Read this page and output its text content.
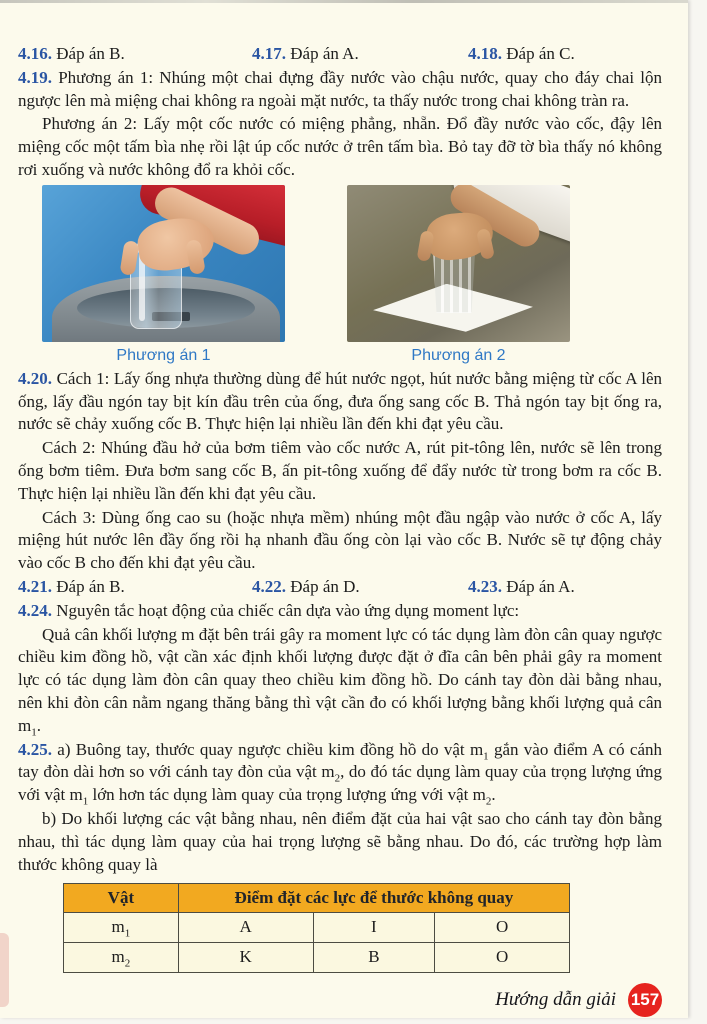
4.16. Đáp án B.	4.17. Đáp án A.	4.18. Đáp án C.

4.19. Phương án 1: Nhúng một chai đựng đầy nước vào chậu nước, quay cho đáy chai lộn ngược lên mà miệng chai không ra ngoài mặt nước, ta thấy nước trong chai không tràn ra.

Phương án 2: Lấy một cốc nước có miệng phẳng, nhẵn. Đổ đầy nước vào cốc, đậy lên miệng cốc một tấm bìa nhẹ rồi lật úp cốc nước ở trên tấm bìa. Bỏ tay đỡ tờ bìa thấy nó không rơi xuống và nước không đổ ra khỏi cốc.

Phương án 1	Phương án 2

4.20. Cách 1: Lấy ống nhựa thường dùng để hút nước ngọt, hút nước bằng miệng từ cốc A lên ống, lấy đầu ngón tay bịt kín đầu trên của ống, đưa ống sang cốc B. Thả ngón tay bịt ống ra, nước sẽ chảy xuống cốc B. Thực hiện lại nhiều lần đến khi đạt yêu cầu.

Cách 2: Nhúng đầu hở của bơm tiêm vào cốc nước A, rút pit-tông lên, nước sẽ lên trong ống bơm tiêm. Đưa bơm sang cốc B, ấn pit-tông xuống để đẩy nước từ trong bơm ra cốc B. Thực hiện lại nhiều lần đến khi đạt yêu cầu.

Cách 3: Dùng ống cao su (hoặc nhựa mềm) nhúng một đầu ngập vào nước ở cốc A, lấy miệng hút nước lên đầy ống rồi hạ nhanh đầu ống còn lại vào cốc B. Nước sẽ tự động chảy vào cốc B cho đến khi đạt yêu cầu.

4.21. Đáp án B.	4.22. Đáp án D.	4.23. Đáp án A.

4.24. Nguyên tắc hoạt động của chiếc cân dựa vào ứng dụng moment lực:

Quả cân khối lượng m đặt bên trái gây ra moment lực có tác dụng làm đòn cân quay ngược chiều kim đồng hồ, vật cần xác định khối lượng được đặt ở đĩa cân bên phải gây ra moment lực có tác dụng làm đòn cân quay theo chiều kim đồng hồ. Do cánh tay đòn dài bằng nhau, nên khi đòn cân nằm ngang thăng bằng thì vật cần đo có khối lượng bằng khối lượng quả cân $m_1$.

4.25. a) Buông tay, thước quay ngược chiều kim đồng hồ do vật $m_1$ gắn vào điểm A có cánh tay đòn dài hơn so với cánh tay đòn của vật $m_2$, do đó tác dụng làm quay của trọng lượng ứng với vật $m_1$ lớn hơn tác dụng làm quay của trọng lượng ứng với vật $m_2$.

b) Do khối lượng các vật bằng nhau, nên điểm đặt của hai vật sao cho cánh tay đòn bằng nhau, thì tác dụng làm quay của hai trọng lượng sẽ bằng nhau. Do đó, các trường hợp làm thước không quay là

Vật	Điểm đặt các lực để thước không quay		
$m_1$	A	I	O
$m_2$	K	B	O
Hướng dẫn giải 157
